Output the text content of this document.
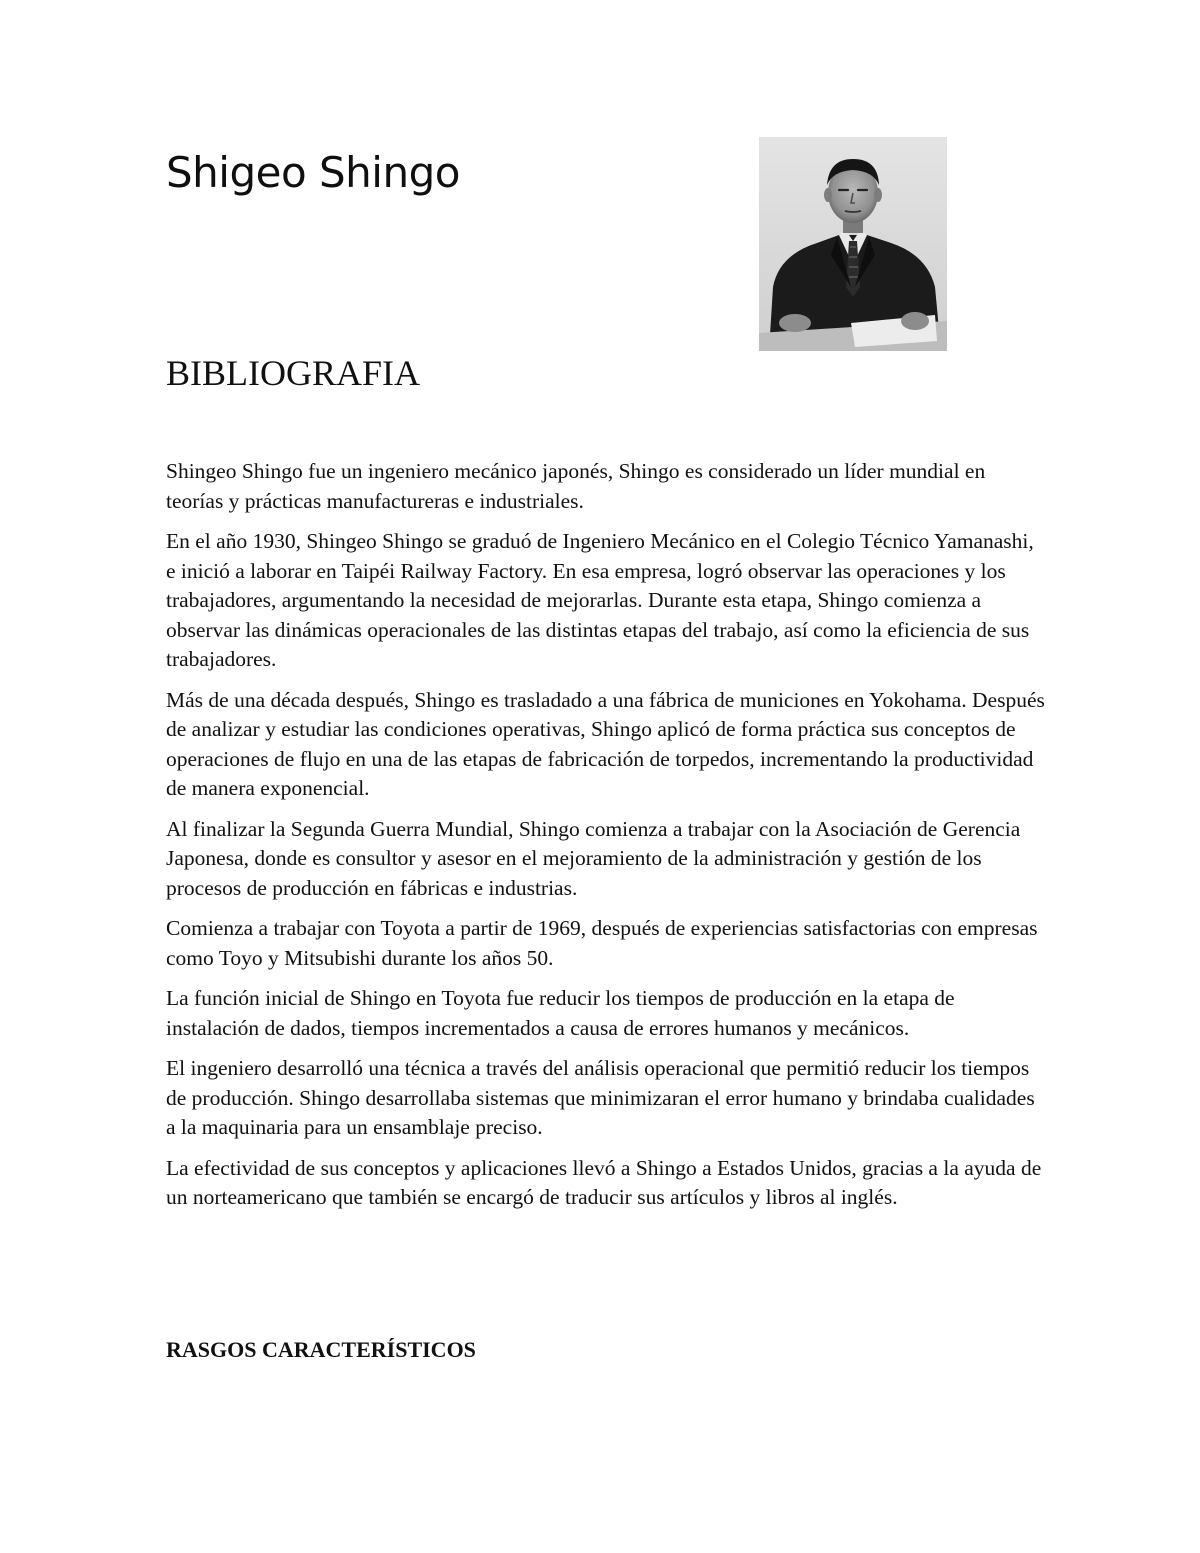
Shigeo Shingo
BIBLIOGRAFIA

Shingeo Shingo fue un ingeniero mecánico japonés, Shingo es considerado un líder mundial en teorías y prácticas manufactureras e industriales.

En el año 1930, Shingeo Shingo se graduó de Ingeniero Mecánico en el Colegio Técnico Yamanashi, e inició a laborar en Taipéi Railway Factory. En esa empresa, logró observar las operaciones y los trabajadores, argumentando la necesidad de mejorarlas. Durante esta etapa, Shingo comienza a observar las dinámicas operacionales de las distintas etapas del trabajo, así como la eficiencia de sus trabajadores.

Más de una década después, Shingo es trasladado a una fábrica de municiones en Yokohama. Después de analizar y estudiar las condiciones operativas, Shingo aplicó de forma práctica sus conceptos de operaciones de flujo en una de las etapas de fabricación de torpedos, incrementando la productividad de manera exponencial.

Al finalizar la Segunda Guerra Mundial, Shingo comienza a trabajar con la Asociación de Gerencia Japonesa, donde es consultor y asesor en el mejoramiento de la administración y gestión de los procesos de producción en fábricas e industrias.

Comienza a trabajar con Toyota a partir de 1969, después de experiencias satisfactorias con empresas como Toyo y Mitsubishi durante los años 50.

La función inicial de Shingo en Toyota fue reducir los tiempos de producción en la etapa de instalación de dados, tiempos incrementados a causa de errores humanos y mecánicos.

El ingeniero desarrolló una técnica a través del análisis operacional que permitió reducir los tiempos de producción. Shingo desarrollaba sistemas que minimizaran el error humano y brindaba cualidades a la maquinaria para un ensamblaje preciso.

La efectividad de sus conceptos y aplicaciones llevó a Shingo a Estados Unidos, gracias a la ayuda de un norteamericano que también se encargó de traducir sus artículos y libros al inglés.

RASGOS CARACTERÍSTICOS
